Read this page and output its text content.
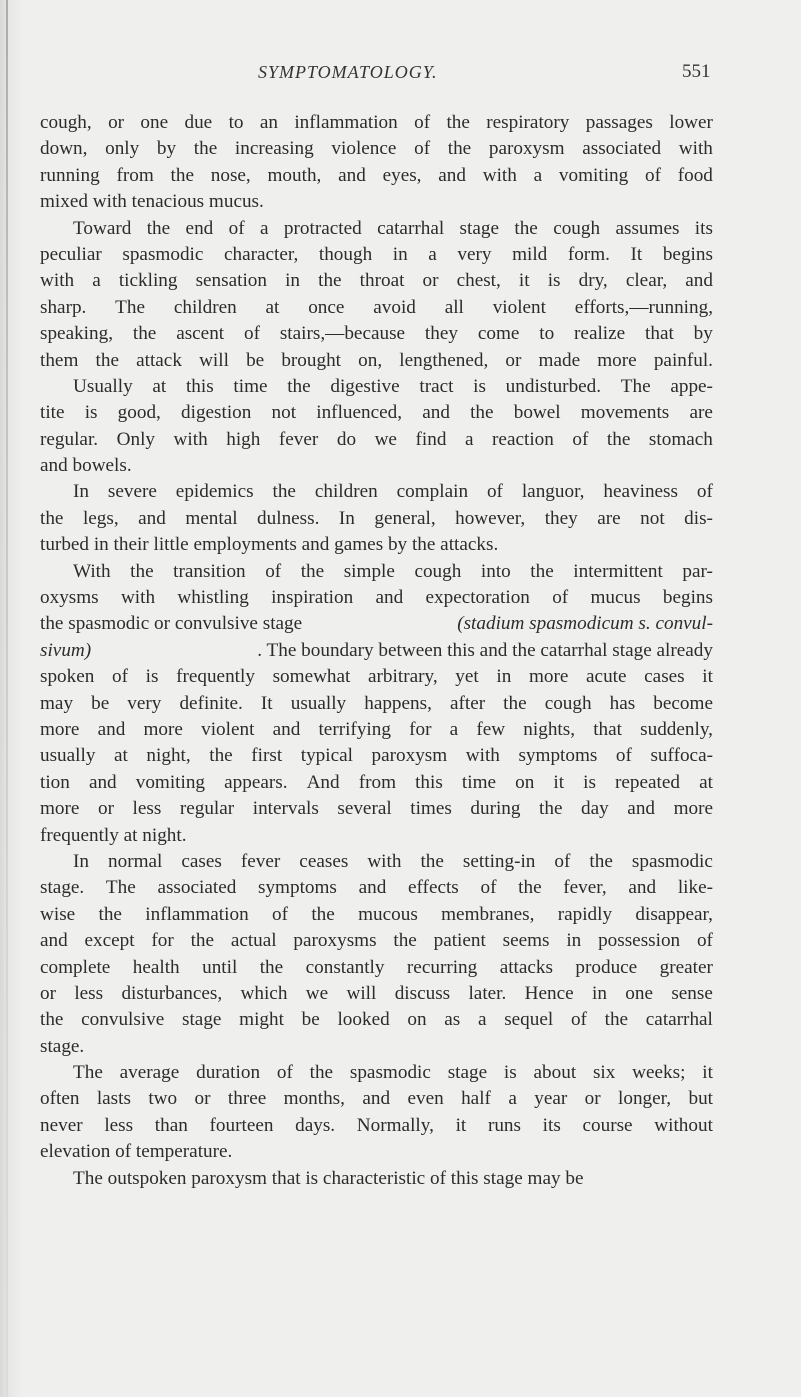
SYMPTOMATOLOGY.	551
cough, or one due to an inflammation of the respiratory passages lower
down, only by the increasing violence of the paroxysm associated with
running from the nose, mouth, and eyes, and with a vomiting of food
mixed with tenacious mucus.
Toward the end of a protracted catarrhal stage the cough assumes its
peculiar spasmodic character, though in a very mild form. It begins
with a tickling sensation in the throat or chest, it is dry, clear, and
sharp. The children at once avoid all violent efforts,—running,
speaking, the ascent of stairs,—because they come to realize that by
them the attack will be brought on, lengthened, or made more painful.
Usually at this time the digestive tract is undisturbed. The appe-
tite is good, digestion not influenced, and the bowel movements are
regular. Only with high fever do we find a reaction of the stomach
and bowels.
In severe epidemics the children complain of languor, heaviness of
the legs, and mental dulness. In general, however, they are not dis-
turbed in their little employments and games by the attacks.
With the transition of the simple cough into the intermittent par-
oxysms with whistling inspiration and expectoration of mucus begins
the spasmodic or convulsive stage	(stadium spasmodicum s. convul-
sivum)	. The boundary between this and the catarrhal stage already
spoken of is frequently somewhat arbitrary, yet in more acute cases it
may be very definite. It usually happens, after the cough has become
more and more violent and terrifying for a few nights, that suddenly,
usually at night, the first typical paroxysm with symptoms of suffoca-
tion and vomiting appears. And from this time on it is repeated at
more or less regular intervals several times during the day and more
frequently at night.
In normal cases fever ceases with the setting-in of the spasmodic
stage. The associated symptoms and effects of the fever, and like-
wise the inflammation of the mucous membranes, rapidly disappear,
and except for the actual paroxysms the patient seems in possession of
complete health until the constantly recurring attacks produce greater
or less disturbances, which we will discuss later. Hence in one sense
the convulsive stage might be looked on as a sequel of the catarrhal
stage.
The average duration of the spasmodic stage is about six weeks; it
often lasts two or three months, and even half a year or longer, but
never less than fourteen days. Normally, it runs its course without
elevation of temperature.
The outspoken paroxysm that is characteristic of this stage may be
